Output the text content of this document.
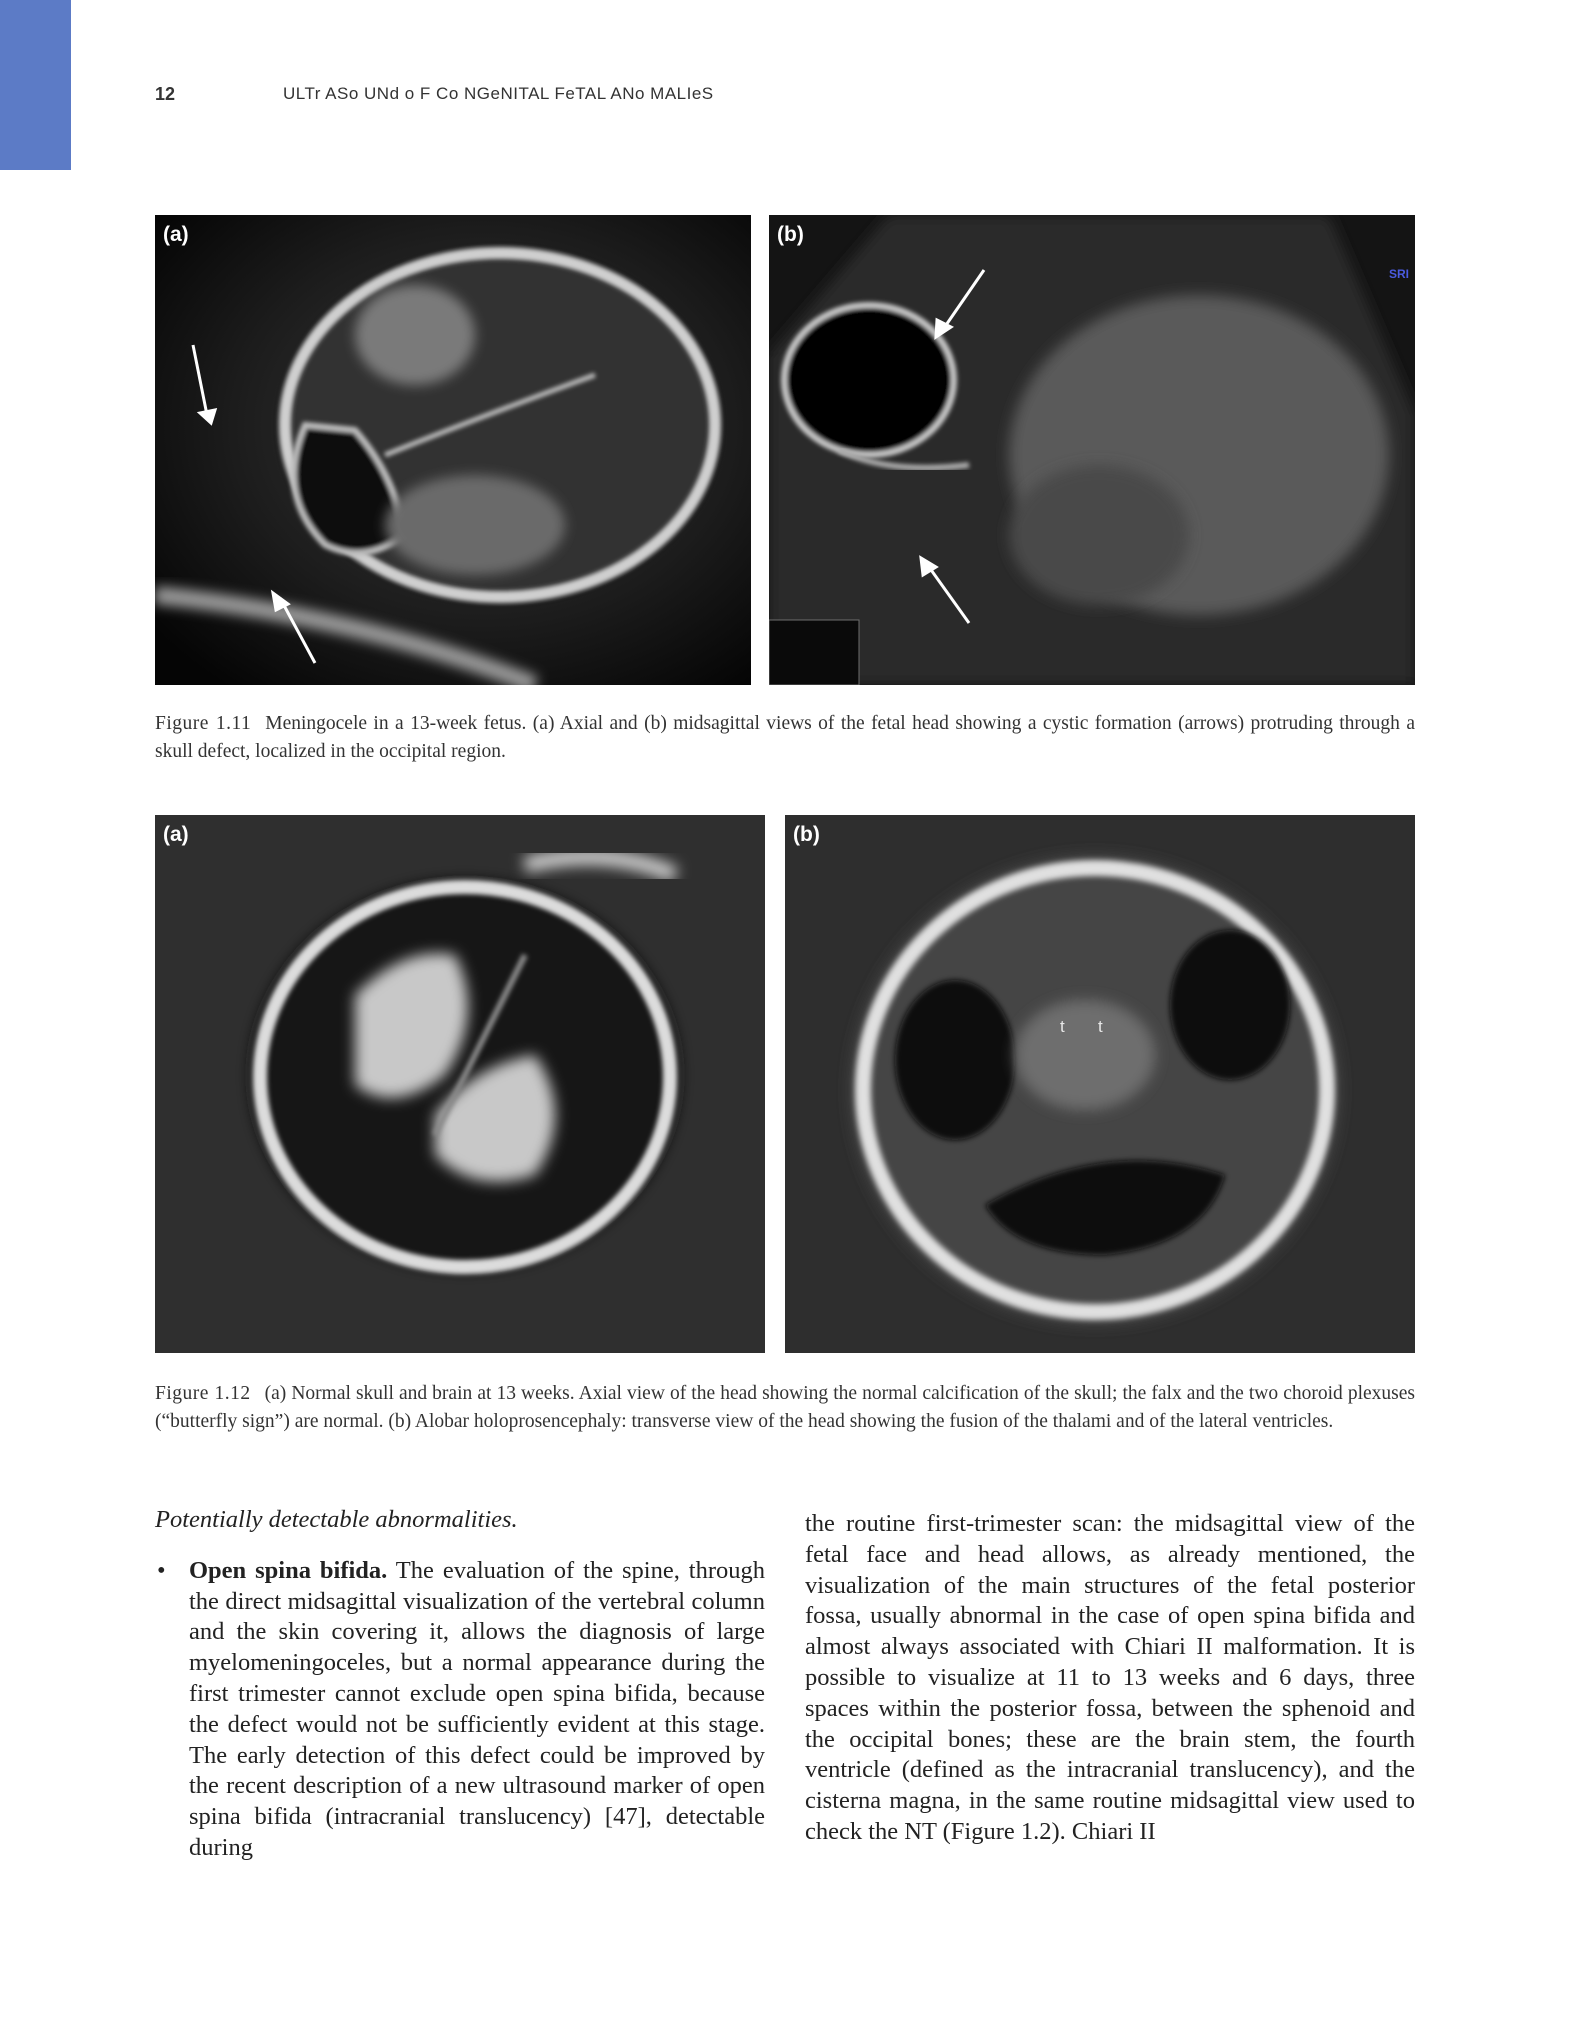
12	ULTr ASo UNd o F Co NGeNITAL FeTAL ANo MALIeS
(a)	(b)
SRI
Figure 1.11 Meningocele in a 13-week fetus. (a) Axial and (b) midsagittal views of the fetal head showing a cystic formation (arrows) protruding through a skull defect, localized in the occipital region.
(a)	(b)
t t
Figure 1.12 (a) Normal skull and brain at 13 weeks. Axial view of the head showing the normal calcification of the skull; the falx and the two choroid plexuses (“butterfly sign”) are normal. (b) Alobar holoprosencephaly: transverse view of the head showing the fusion of the thalami and of the lateral ventricles.
Potentially detectable abnormalities.
• Open spina bifida. The evaluation of the spine, through the direct midsagittal visualization of the vertebral column and the skin covering it, allows the diagnosis of large myelomeningoceles, but a normal appearance during the first trimester cannot exclude open spina bifida, because the defect would not be sufficiently evident at this stage. The early detection of this defect could be improved by the recent description of a new ultrasound marker of open spina bifida (intracranial translucency) [47], detectable during
the routine first-trimester scan: the midsagittal view of the fetal face and head allows, as already mentioned, the visualization of the main structures of the fetal posterior fossa, usually abnormal in the case of open spina bifida and almost always associated with Chiari II malformation. It is possible to visualize at 11 to 13 weeks and 6 days, three spaces within the posterior fossa, between the sphenoid and the occipital bones; these are the brain stem, the fourth ventricle (defined as the intracranial translucency), and the cisterna magna, in the same routine midsagittal view used to check the NT (Figure 1.2). Chiari II
